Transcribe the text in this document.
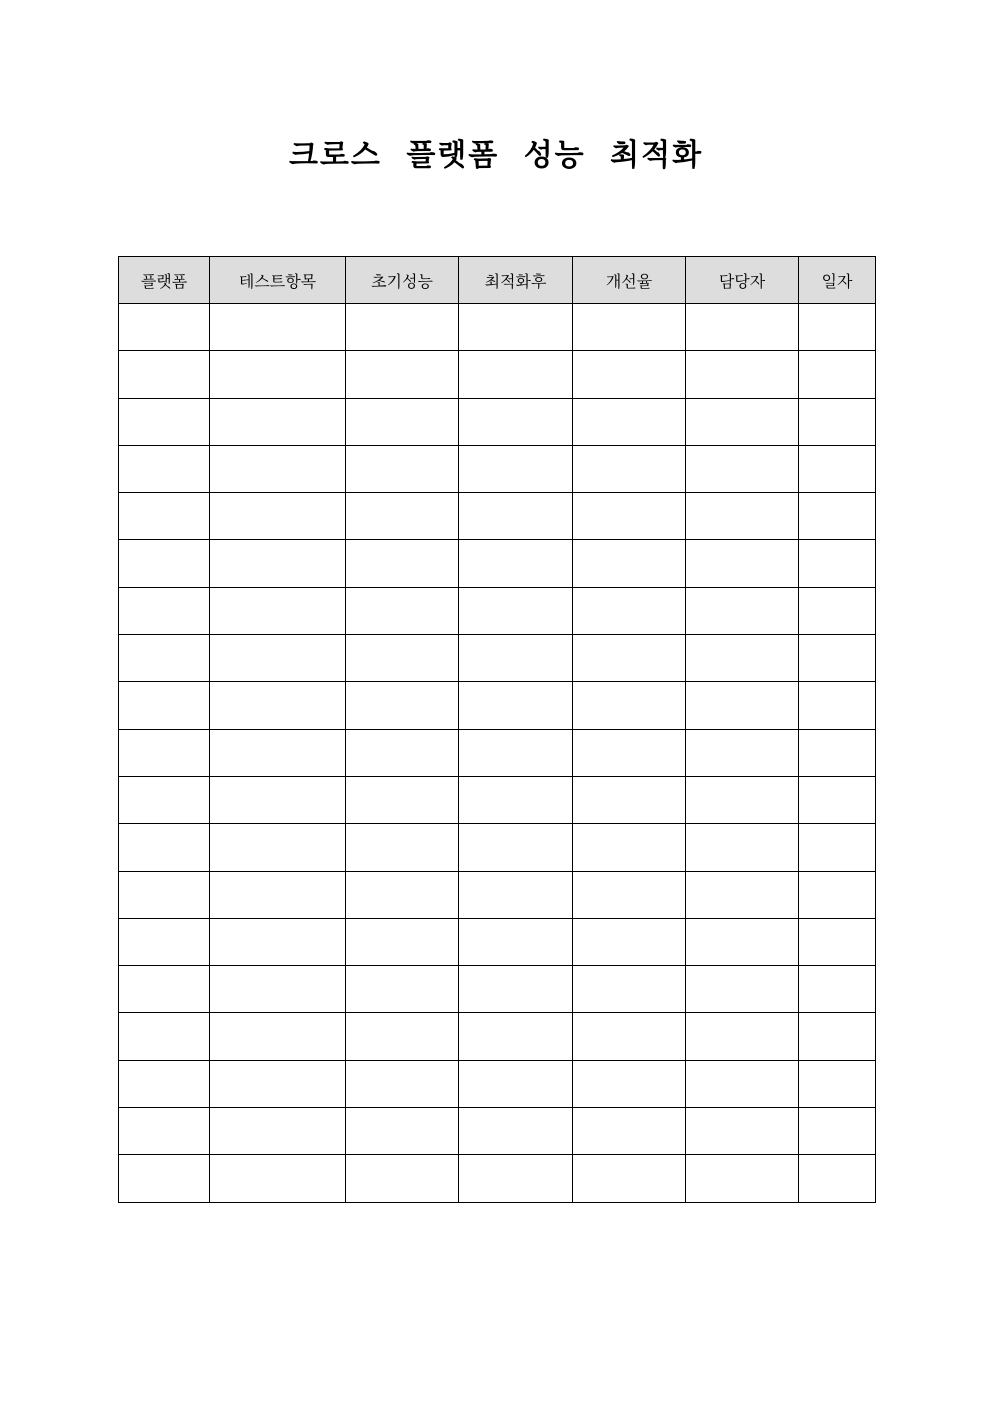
크로스 플랫폼 성능 최적화
플랫폼	테스트항목	초기성능	최적화후	개선율	담당자	일자
